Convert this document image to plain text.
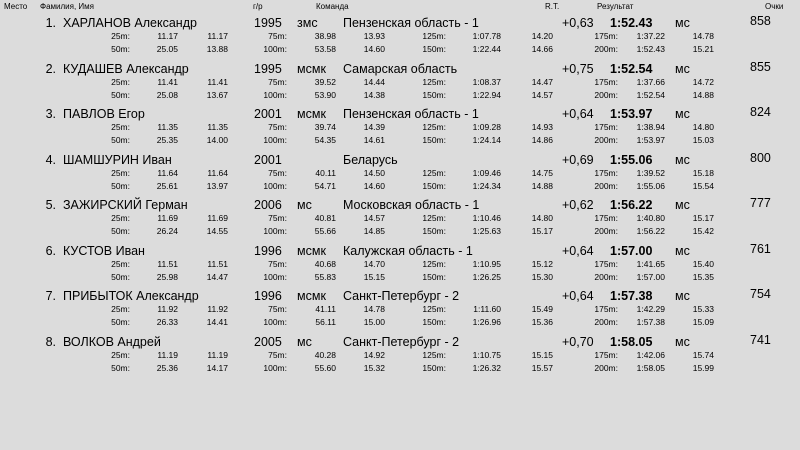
Место Фамилия, Имя	г/р	Команда	R.T.	Результат	Очки
1. ХАРЛАНОВ Александр	1995 змс Пензенская область - 1	+0,63 1:52.43 мс	858
25m:	11.17	11.17	75m:	38.98	13.93	125m:	1:07.78	14.20	175m:	1:37.22	14.78
50m:	25.05	13.88	100m:	53.58	14.60	150m:	1:22.44	14.66	200m:	1:52.43	15.21
2. КУДАШЕВ Александр	1995 мсмк Самарская область	+0,75 1:52.54 мс	855
25m:	11.41	11.41	75m:	39.52	14.44	125m:	1:08.37	14.47	175m:	1:37.66	14.72
50m:	25.08	13.67	100m:	53.90	14.38	150m:	1:22.94	14.57	200m:	1:52.54	14.88
3. ПАВЛОВ Егор	2001 мсмк Пензенская область - 1	+0,64 1:53.97 мс	824
25m:	11.35	11.35	75m:	39.74	14.39	125m:	1:09.28	14.93	175m:	1:38.94	14.80
50m:	25.35	14.00	100m:	54.35	14.61	150m:	1:24.14	14.86	200m:	1:53.97	15.03
4. ШАМШУРИН Иван	2001	Беларусь	+0,69 1:55.06 мс	800
25m:	11.64	11.64	75m:	40.11	14.50	125m:	1:09.46	14.75	175m:	1:39.52	15.18
50m:	25.61	13.97	100m:	54.71	14.60	150m:	1:24.34	14.88	200m:	1:55.06	15.54
5. ЗАЖИРСКИЙ Герман	2006 мс Московская область - 1	+0,62 1:56.22 мс	777
25m:	11.69	11.69	75m:	40.81	14.57	125m:	1:10.46	14.80	175m:	1:40.80	15.17
50m:	26.24	14.55	100m:	55.66	14.85	150m:	1:25.63	15.17	200m:	1:56.22	15.42
6. КУСТОВ Иван	1996 мсмк Калужская область - 1	+0,64 1:57.00 мс	761
25m:	11.51	11.51	75m:	40.68	14.70	125m:	1:10.95	15.12	175m:	1:41.65	15.40
50m:	25.98	14.47	100m:	55.83	15.15	150m:	1:26.25	15.30	200m:	1:57.00	15.35
7. ПРИБЫТОК Александр	1996 мсмк Санкт-Петербург - 2	+0,64 1:57.38 мс	754
25m:	11.92	11.92	75m:	41.11	14.78	125m:	1:11.60	15.49	175m:	1:42.29	15.33
50m:	26.33	14.41	100m:	56.11	15.00	150m:	1:26.96	15.36	200m:	1:57.38	15.09
8. ВОЛКОВ Андрей	2005 мс Санкт-Петербург - 2	+0,70 1:58.05 мс	741
25m:	11.19	11.19	75m:	40.28	14.92	125m:	1:10.75	15.15	175m:	1:42.06	15.74
50m:	25.36	14.17	100m:	55.60	15.32	150m:	1:26.32	15.57	200m:	1:58.05	15.99
